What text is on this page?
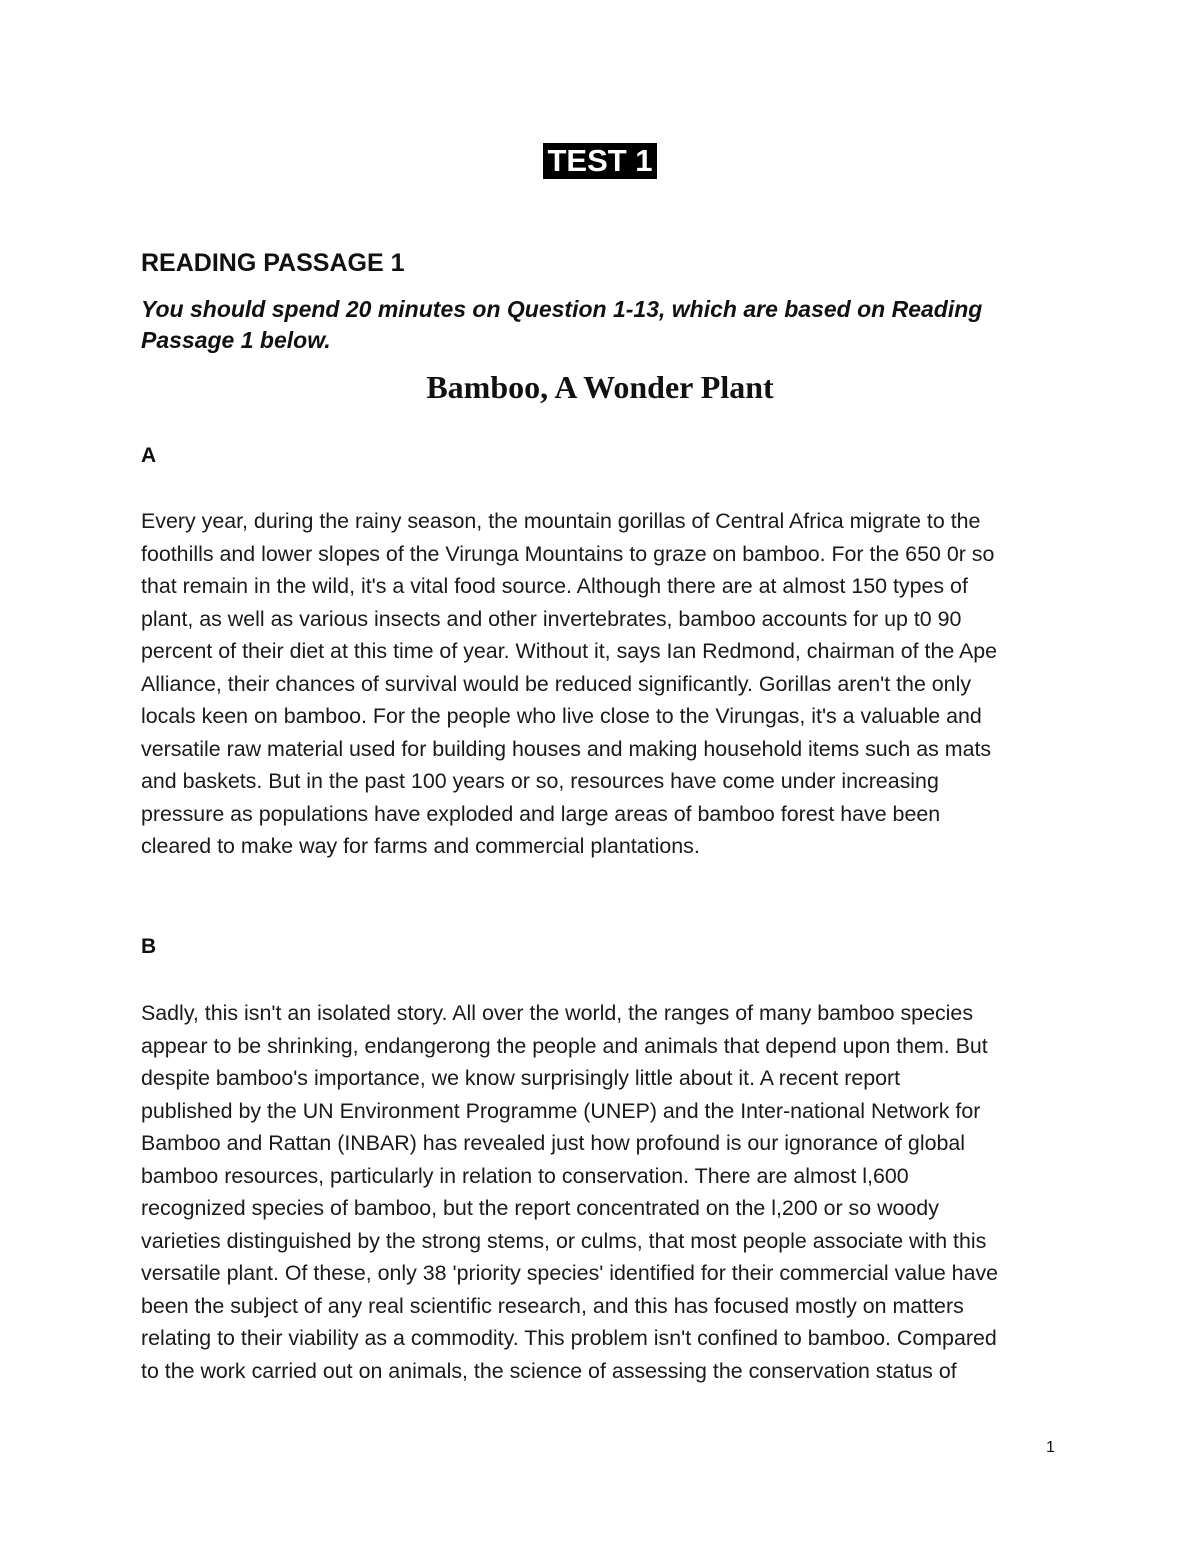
TEST 1
READING PASSAGE 1

You should spend 20 minutes on Question 1-13, which are based on Reading Passage 1 below.

Bamboo, A Wonder Plant

A

Every year, during the rainy season, the mountain gorillas of Central Africa migrate to the
foothills and lower slopes of the Virunga Mountains to graze on bamboo. For the 650 0r so
that remain in the wild, it's a vital food source. Although there are at almost 150 types of
plant, as well as various insects and other invertebrates, bamboo accounts for up t0 90
percent of their diet at this time of year. Without it, says Ian Redmond, chairman of the Ape
Alliance, their chances of survival would be reduced significantly. Gorillas aren't the only
locals keen on bamboo. For the people who live close to the Virungas, it's a valuable and
versatile raw material used for building houses and making household items such as mats
and baskets. But in the past 100 years or so, resources have come under increasing
pressure as populations have exploded and large areas of bamboo forest have been
cleared to make way for farms and commercial plantations.

B

Sadly, this isn't an isolated story. All over the world, the ranges of many bamboo species
appear to be shrinking, endangerong the people and animals that depend upon them. But
despite bamboo's importance, we know surprisingly little about it. A recent report
published by the UN Environment Programme (UNEP) and the Inter-national Network for
Bamboo and Rattan (INBAR) has revealed just how profound is our ignorance of global
bamboo resources, particularly in relation to conservation. There are almost l,600
recognized species of bamboo, but the report concentrated on the l,200 or so woody
varieties distinguished by the strong stems, or culms, that most people associate with this
versatile plant. Of these, only 38 'priority species' identified for their commercial value have
been the subject of any real scientific research, and this has focused mostly on matters
relating to their viability as a commodity. This problem isn't confined to bamboo. Compared
to the work carried out on animals, the science of assessing the conservation status of

1
